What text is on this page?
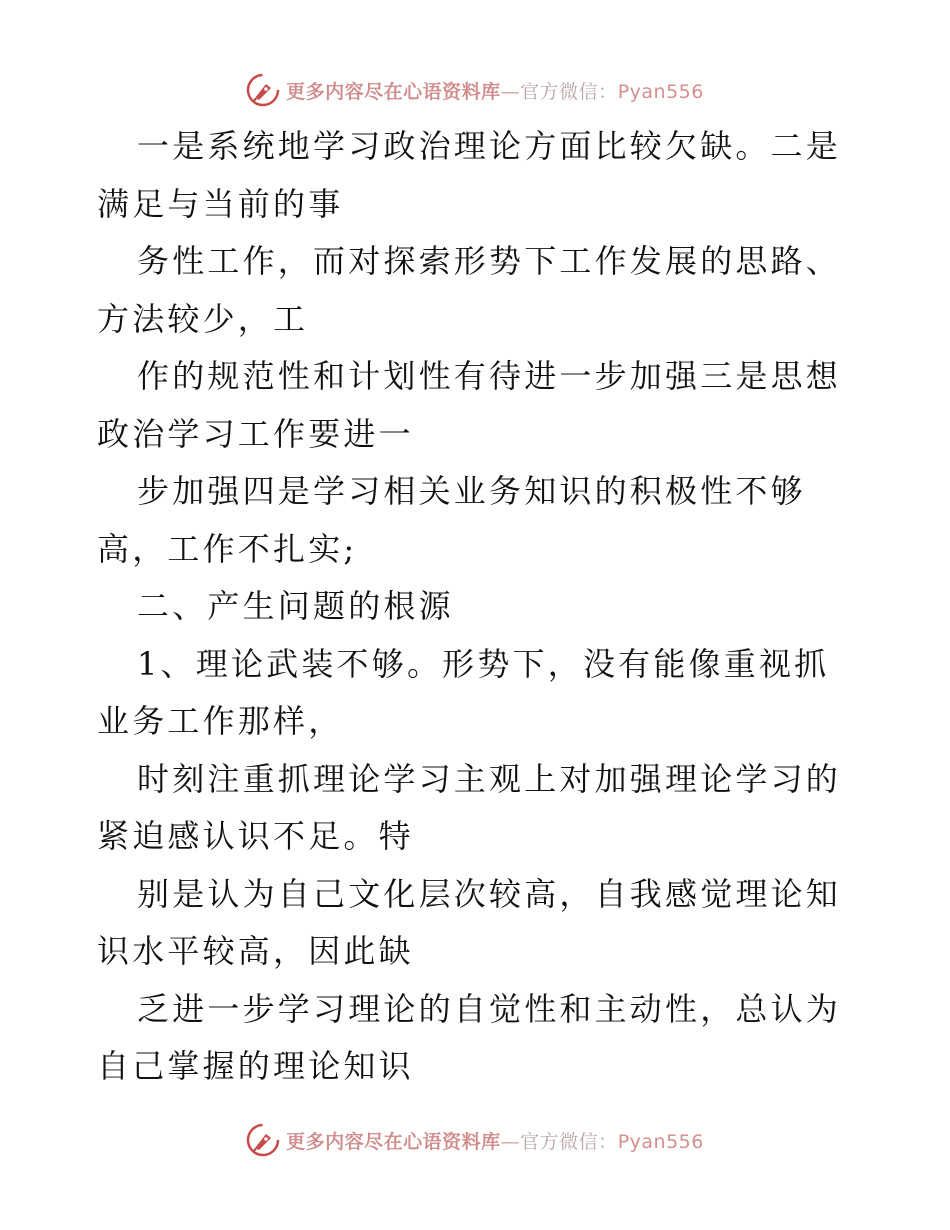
更多内容尽在心语资料库—官方微信：Pyan556

一是系统地学习政治理论方面比较欠缺。二是满足与当前的事

务性工作，而对探索形势下工作发展的思路、方法较少，工

作的规范性和计划性有待进一步加强三是思想政治学习工作要进一

步加强四是学习相关业务知识的积极性不够高，工作不扎实;

二、产生问题的根源

1、理论武装不够。形势下，没有能像重视抓业务工作那样，

时刻注重抓理论学习主观上对加强理论学习的紧迫感认识不足。特

别是认为自己文化层次较高，自我感觉理论知识水平较高，因此缺

乏进一步学习理论的自觉性和主动性，总认为自己掌握的理论知识

更多内容尽在心语资料库—官方微信：Pyan556
